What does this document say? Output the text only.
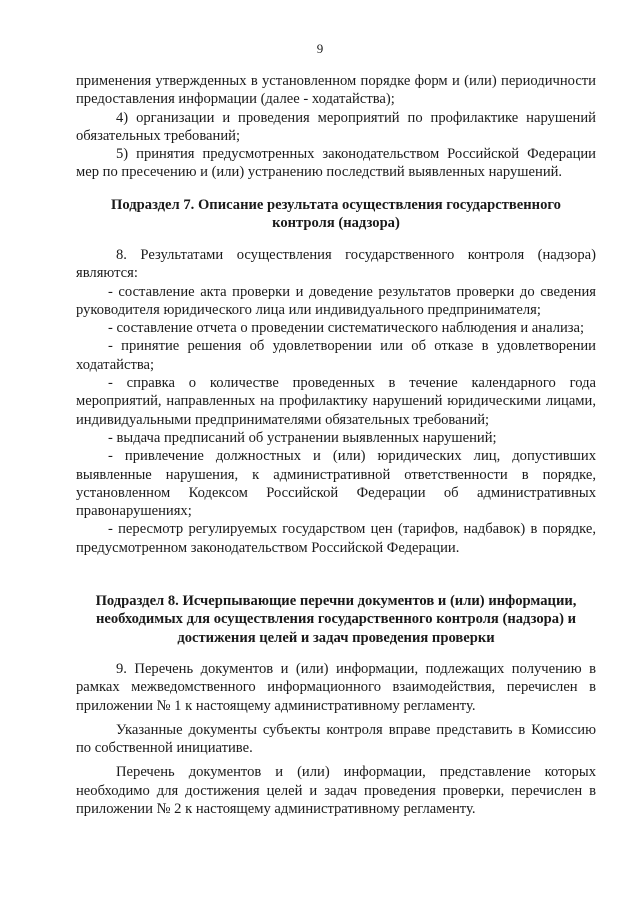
9

применения утвержденных в установленном порядке форм и (или) периодичности предоставления информации (далее - ходатайства);

4) организации и проведения мероприятий по профилактике нарушений обязательных требований;

5) принятия предусмотренных законодательством Российской Федерации мер по пресечению и (или) устранению последствий выявленных нарушений.

Подраздел 7. Описание результата осуществления государственного
контроля (надзора)

8. Результатами осуществления государственного контроля (надзора) являются:

- составление акта проверки и доведение результатов проверки до сведения руководителя юридического лица или индивидуального предпринимателя;

- составление отчета о проведении систематического наблюдения и анализа;

- принятие решения об удовлетворении или об отказе в удовлетворении ходатайства;

- справка о количестве проведенных в течение календарного года мероприятий, направленных на профилактику нарушений юридическими лицами, индивидуальными предпринимателями обязательных требований;

- выдача предписаний об устранении выявленных нарушений;

- привлечение должностных и (или) юридических лиц, допустивших выявленные нарушения, к административной ответственности в порядке, установленном Кодексом Российской Федерации об административных правонарушениях;

- пересмотр регулируемых государством цен (тарифов, надбавок) в порядке, предусмотренном законодательством Российской Федерации.

Подраздел 8. Исчерпывающие перечни документов и (или) информации,
необходимых для осуществления государственного контроля (надзора) и
достижения целей и задач проведения проверки

9. Перечень документов и (или) информации, подлежащих получению в рамках межведомственного информационного взаимодействия, перечислен в приложении № 1 к настоящему административному регламенту.

Указанные документы субъекты контроля вправе представить в Комиссию по собственной инициативе.

Перечень документов и (или) информации, представление которых необходимо для достижения целей и задач проведения проверки, перечислен в приложении № 2 к настоящему административному регламенту.
